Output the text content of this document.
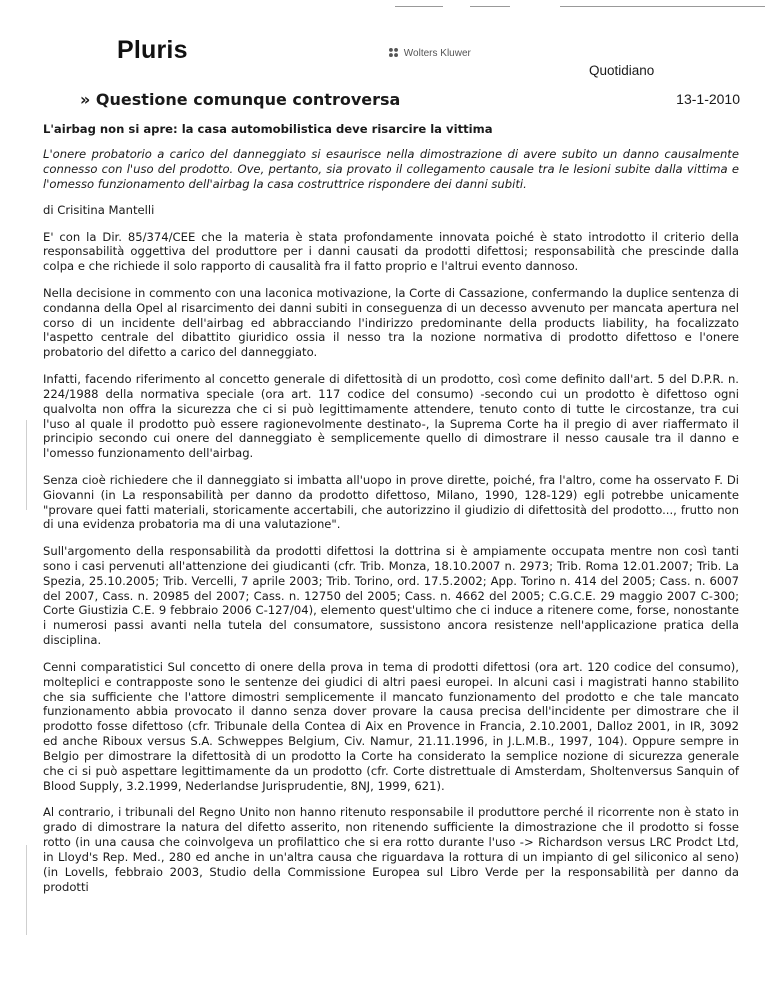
Pluris	Wolters Kluwer
Quotidiano
» Questione comunque controversa	13-1-2010

L'airbag non si apre: la casa automobilistica deve risarcire la vittima

L'onere probatorio a carico del danneggiato si esaurisce nella dimostrazione di avere subito un danno causalmente connesso con l'uso del prodotto. Ove, pertanto, sia provato il collegamento causale tra le lesioni subite dalla vittima e l'omesso funzionamento dell'airbag la casa costruttrice rispondere dei danni subiti.

di Crisitina Mantelli

E' con la Dir. 85/374/CEE che la materia è stata profondamente innovata poiché è stato introdotto il criterio della responsabilità oggettiva del produttore per i danni causati da prodotti difettosi; responsabilità che prescinde dalla colpa e che richiede il solo rapporto di causalità fra il fatto proprio e l'altrui evento dannoso.

Nella decisione in commento con una laconica motivazione, la Corte di Cassazione, confermando la duplice sentenza di condanna della Opel al risarcimento dei danni subiti in conseguenza di un decesso avvenuto per mancata apertura nel corso di un incidente dell'airbag ed abbracciando l'indirizzo predominante della products liability, ha focalizzato l'aspetto centrale del dibattito giuridico ossia il nesso tra la nozione normativa di prodotto difettoso e l'onere probatorio del difetto a carico del danneggiato.

Infatti, facendo riferimento al concetto generale di difettosità di un prodotto, così come definito dall'art. 5 del D.P.R. n. 224/1988 della normativa speciale (ora art. 117 codice del consumo) -secondo cui un prodotto è difettoso ogni qualvolta non offra la sicurezza che ci si può legittimamente attendere, tenuto conto di tutte le circostanze, tra cui l'uso al quale il prodotto può essere ragionevolmente destinato-, la Suprema Corte ha il pregio di aver riaffermato il principio secondo cui onere del danneggiato è semplicemente quello di dimostrare il nesso causale tra il danno e l'omesso funzionamento dell'airbag.

Senza cioè richiedere che il danneggiato si imbatta all'uopo in prove dirette, poiché, fra l'altro, come ha osservato F. Di Giovanni (in La responsabilità per danno da prodotto difettoso, Milano, 1990, 128-129) egli potrebbe unicamente "provare quei fatti materiali, storicamente accertabili, che autorizzino il giudizio di difettosità del prodotto..., frutto non di una evidenza probatoria ma di una valutazione".

Sull'argomento della responsabilità da prodotti difettosi la dottrina si è ampiamente occupata mentre non così tanti sono i casi pervenuti all'attenzione dei giudicanti (cfr. Trib. Monza, 18.10.2007 n. 2973; Trib. Roma 12.01.2007; Trib. La Spezia, 25.10.2005; Trib. Vercelli, 7 aprile 2003; Trib. Torino, ord. 17.5.2002; App. Torino n. 414 del 2005; Cass. n. 6007 del 2007, Cass. n. 20985 del 2007; Cass. n. 12750 del 2005; Cass. n. 4662 del 2005; C.G.C.E. 29 maggio 2007 C-300; Corte Giustizia C.E. 9 febbraio 2006 C-127/04), elemento quest'ultimo che ci induce a ritenere come, forse, nonostante i numerosi passi avanti nella tutela del consumatore, sussistono ancora resistenze nell'applicazione pratica della disciplina.

Cenni comparatistici Sul concetto di onere della prova in tema di prodotti difettosi (ora art. 120 codice del consumo), molteplici e contrapposte sono le sentenze dei giudici di altri paesi europei. In alcuni casi i magistrati hanno stabilito che sia sufficiente che l'attore dimostri semplicemente il mancato funzionamento del prodotto e che tale mancato funzionamento abbia provocato il danno senza dover provare la causa precisa dell'incidente per dimostrare che il prodotto fosse difettoso (cfr. Tribunale della Contea di Aix en Provence in Francia, 2.10.2001, Dalloz 2001, in IR, 3092 ed anche Riboux versus S.A. Schweppes Belgium, Civ. Namur, 21.11.1996, in J.L.M.B., 1997, 104). Oppure sempre in Belgio per dimostrare la difettosità di un prodotto la Corte ha considerato la semplice nozione di sicurezza generale che ci si può aspettare legittimamente da un prodotto (cfr. Corte distrettuale di Amsterdam, Sholtenversus Sanquin of Blood Supply, 3.2.1999, Nederlandse Jurisprudentie, 8NJ, 1999, 621).

Al contrario, i tribunali del Regno Unito non hanno ritenuto responsabile il produttore perché il ricorrente non è stato in grado di dimostrare la natura del difetto asserito, non ritenendo sufficiente la dimostrazione che il prodotto si fosse rotto (in una causa che coinvolgeva un profilattico che si era rotto durante l'uso -> Richardson versus LRC Prodct Ltd, in Lloyd's Rep. Med., 280 ed anche in un'altra causa che riguardava la rottura di un impianto di gel siliconico al seno) (in Lovells, febbraio 2003, Studio della Commissione Europea sul Libro Verde per la responsabilità per danno da prodotti
